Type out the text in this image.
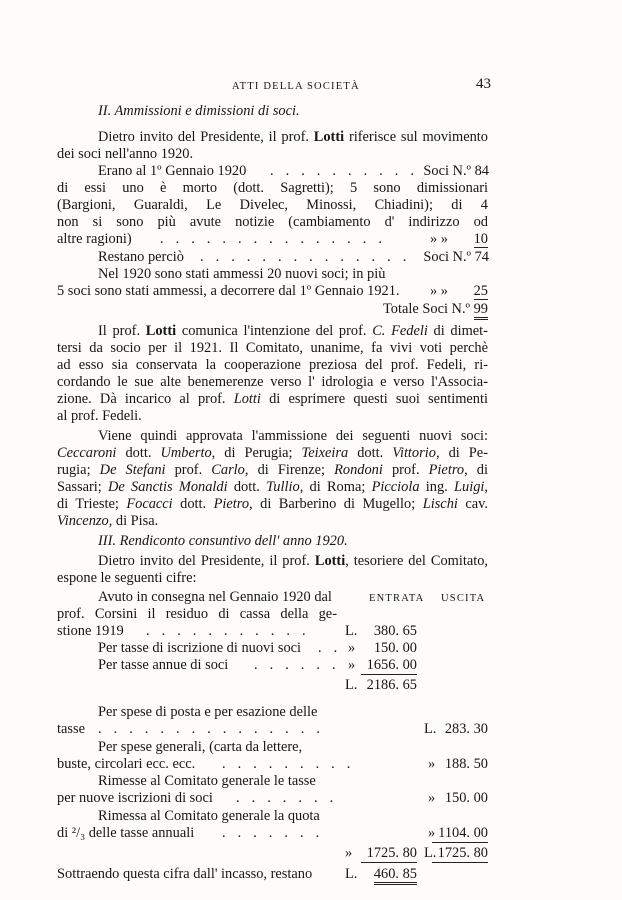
ATTI DELLA SOCIETÀ	43
II. Ammissioni e dimissioni di soci.
Dietro invito del Presidente, il prof. Lotti riferisce sul movimento
dei soci nell'anno 1920.
Erano al 1º Gennaio 1920 . . . . . . . . . . Soci N.º 84
di essi uno è morto (dott. Sagretti); 5 sono dimissionari
(Bargioni, Guaraldi, Le Divelec, Minossi, Chiadini); di 4
non si sono più avute notizie (cambiamento d' indirizzo od
altre ragioni) . . . . . . . . . . . . . . .	» » 10
Restano perciò . . . . . . . . . . . . . . Soci N.º 74
Nel 1920 sono stati ammessi 20 nuovi soci; in più
5 soci sono stati ammessi, a decorrere dal 1º Gennaio 1921. » » 25
Totale Soci N.º 99
Il prof. Lotti comunica l'intenzione del prof. C. Fedeli di dimet-
tersi da socio per il 1921. Il Comitato, unanime, fa vivi voti perchè
ad esso sia conservata la cooperazione preziosa del prof. Fedeli, ri-
cordando le sue alte benemerenze verso l' idrologia e verso l'Associa-
zione. Dà incarico al prof. Lotti di esprimere questi suoi sentimenti
al prof. Fedeli.
Viene quindi approvata l'ammissione dei seguenti nuovi soci:
Ceccaroni dott. Umberto, di Perugia; Teixeira dott. Vittorio, di Pe-
rugia; De Stefani prof. Carlo, di Firenze; Rondoni prof. Pietro, di
Sassari; De Sanctis Monaldi dott. Tullio, di Roma; Picciola ing. Luigi,
di Trieste; Focacci dott. Pietro, di Barberino di Mugello; Lischi cav.
Vincenzo, di Pisa.
III. Rendiconto consuntivo dell' anno 1920.
Dietro invito del Presidente, il prof. Lotti, tesoriere del Comitato,
espone le seguenti cifre:
ENTRATA USCITA
Avuto in consegna nel Gennaio 1920 dal
prof. Corsini il residuo di cassa della ge-
stione 1919 . . . . . . . . . . . L. 380. 65
Per tasse di iscrizione di nuovi soci . . » 150. 00
Per tasse annue di soci . . . . . . » 1656. 00
L. 2186. 65
Per spese di posta e per esazione delle
tasse . . . . . . . . . . . . . . .	L. 283. 30
Per spese generali, (carta da lettere,
buste, circolari ecc. ecc. . . . . . . . . .	» 188. 50
Rimesse al Comitato generale le tasse
per nuove iscrizioni di soci . . . . . . .	» 150. 00
Rimessa al Comitato generale la quota
di ²/₃ delle tasse annuali . . . . . . .	» 1104. 00
»	1725. 80 L. 1725. 80
Sottraendo questa cifra dall' incasso, restano L. 460. 85
